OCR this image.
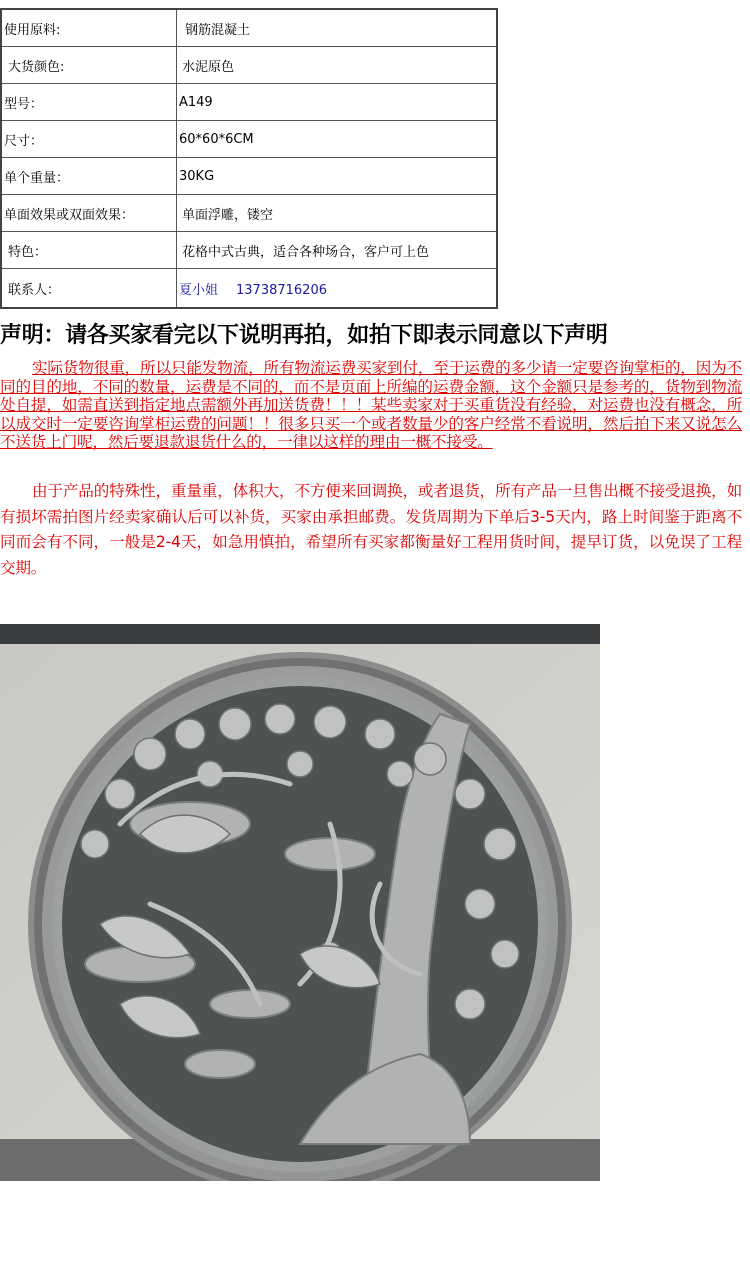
使用原料:	钢筋混凝土
大货颜色:	水泥原色
型号：	A149
尺寸：	60*60*6CM
单个重量：	30KG
单面效果或双面效果：	单面浮雕，镂空
特色：	花格中式古典，适合各种场合，客户可上色
联系人：	夏小姐 13738716206
声明：请各买家看完以下说明再拍，如拍下即表示同意以下声明
实际货物很重，所以只能发物流，所有物流运费买家到付，至于运费的多少请一定要咨询掌柜的，因为不同的目的地，不同的数量，运费是不同的，而不是页面上所编的运费金额，这个金额只是参考的，货物到物流处自提，如需直送到指定地点需额外再加送货费！！！某些卖家对于买重货没有经验，对运费也没有概念，所以成交时一定要咨询掌柜运费的问题！！很多只买一个或者数量少的客户经常不看说明，然后拍下来又说怎么不送货上门呢，然后要退款退货什么的，一律以这样的理由一概不接受。
由于产品的特殊性，重量重，体积大，不方便来回调换，或者退货，所有产品一旦售出概不接受退换，如有损坏需拍图片经卖家确认后可以补货，买家由承担邮费。发货周期为下单后3-5天内，路上时间鉴于距离不同而会有不同，一般是2-4天，如急用慎拍，希望所有买家都衡量好工程用货时间，提早订货，以免误了工程交期。
